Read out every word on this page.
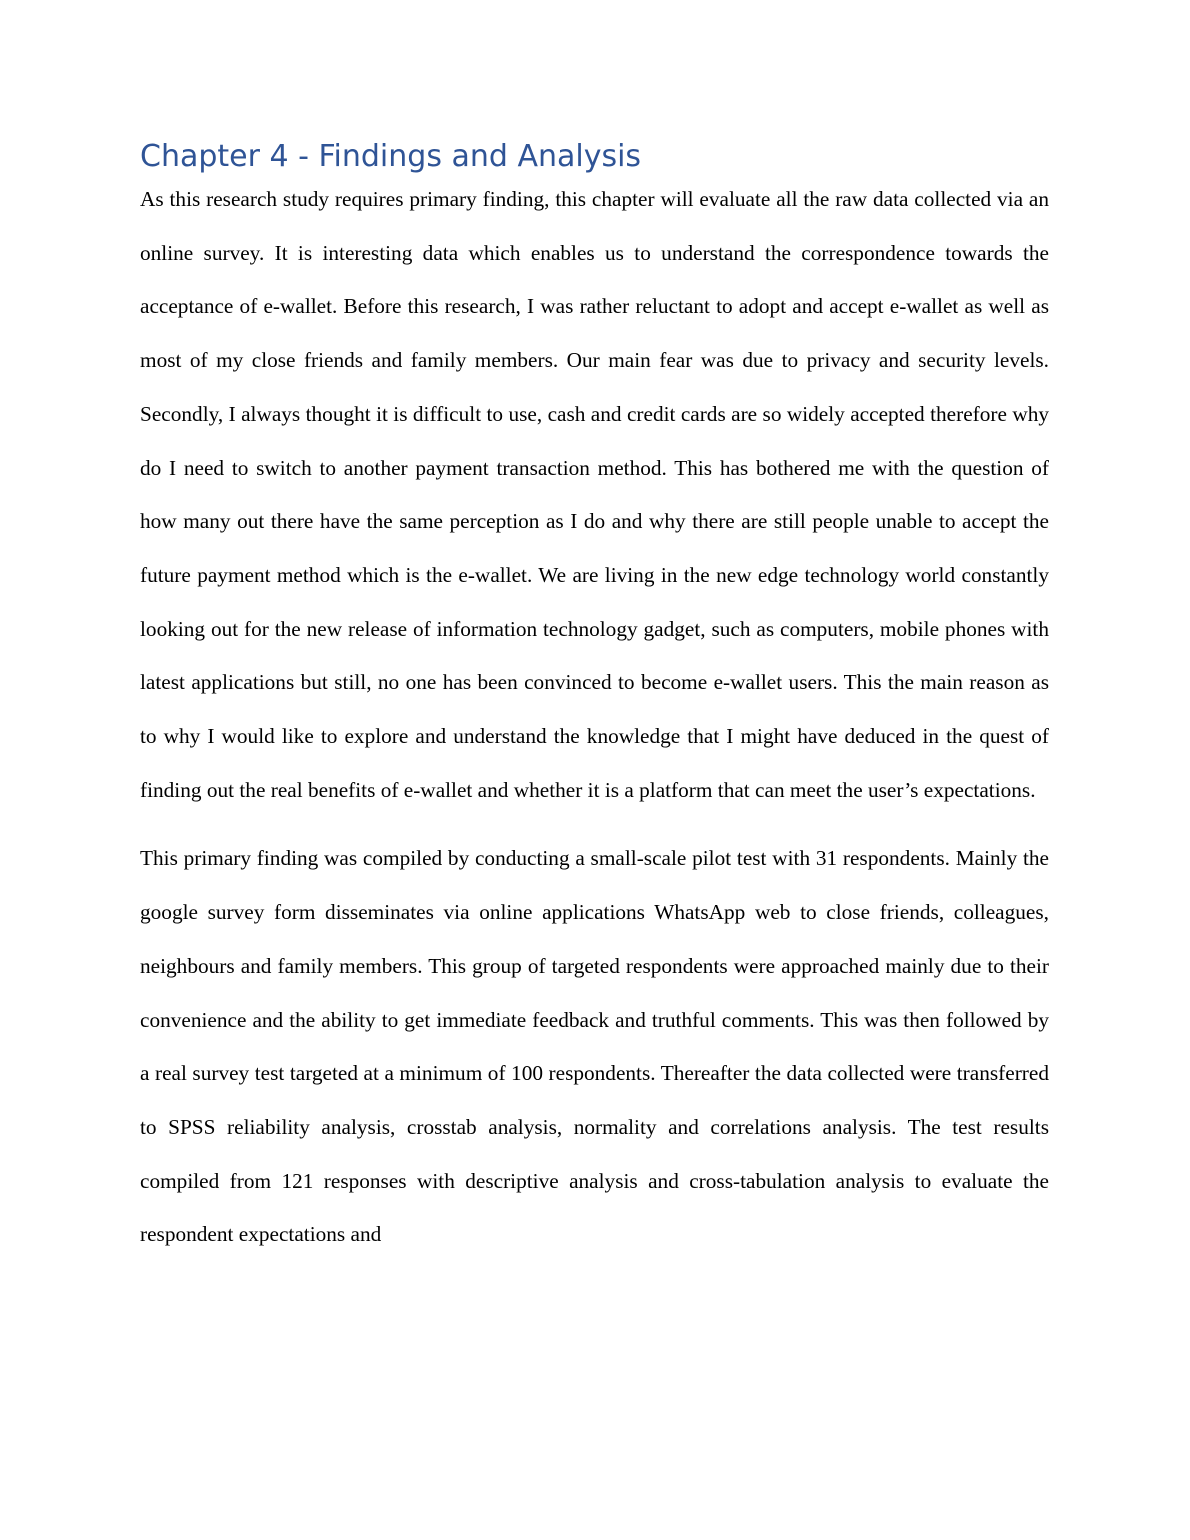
Chapter 4 - Findings and Analysis

As this research study requires primary finding, this chapter will evaluate all the raw data collected via an online survey. It is interesting data which enables us to understand the correspondence towards the acceptance of e-wallet. Before this research, I was rather reluctant to adopt and accept e-wallet as well as most of my close friends and family members. Our main fear was due to privacy and security levels. Secondly, I always thought it is difficult to use, cash and credit cards are so widely accepted therefore why do I need to switch to another payment transaction method. This has bothered me with the question of how many out there have the same perception as I do and why there are still people unable to accept the future payment method which is the e-wallet. We are living in the new edge technology world constantly looking out for the new release of information technology gadget, such as computers, mobile phones with latest applications but still, no one has been convinced to become e-wallet users. This the main reason as to why I would like to explore and understand the knowledge that I might have deduced in the quest of finding out the real benefits of e-wallet and whether it is a platform that can meet the user’s expectations.

This primary finding was compiled by conducting a small-scale pilot test with 31 respondents. Mainly the google survey form disseminates via online applications WhatsApp web to close friends, colleagues, neighbours and family members. This group of targeted respondents were approached mainly due to their convenience and the ability to get immediate feedback and truthful comments. This was then followed by a real survey test targeted at a minimum of 100 respondents. Thereafter the data collected were transferred to SPSS reliability analysis, crosstab analysis, normality and correlations analysis. The test results compiled from 121 responses with descriptive analysis and cross-tabulation analysis to evaluate the respondent expectations and
